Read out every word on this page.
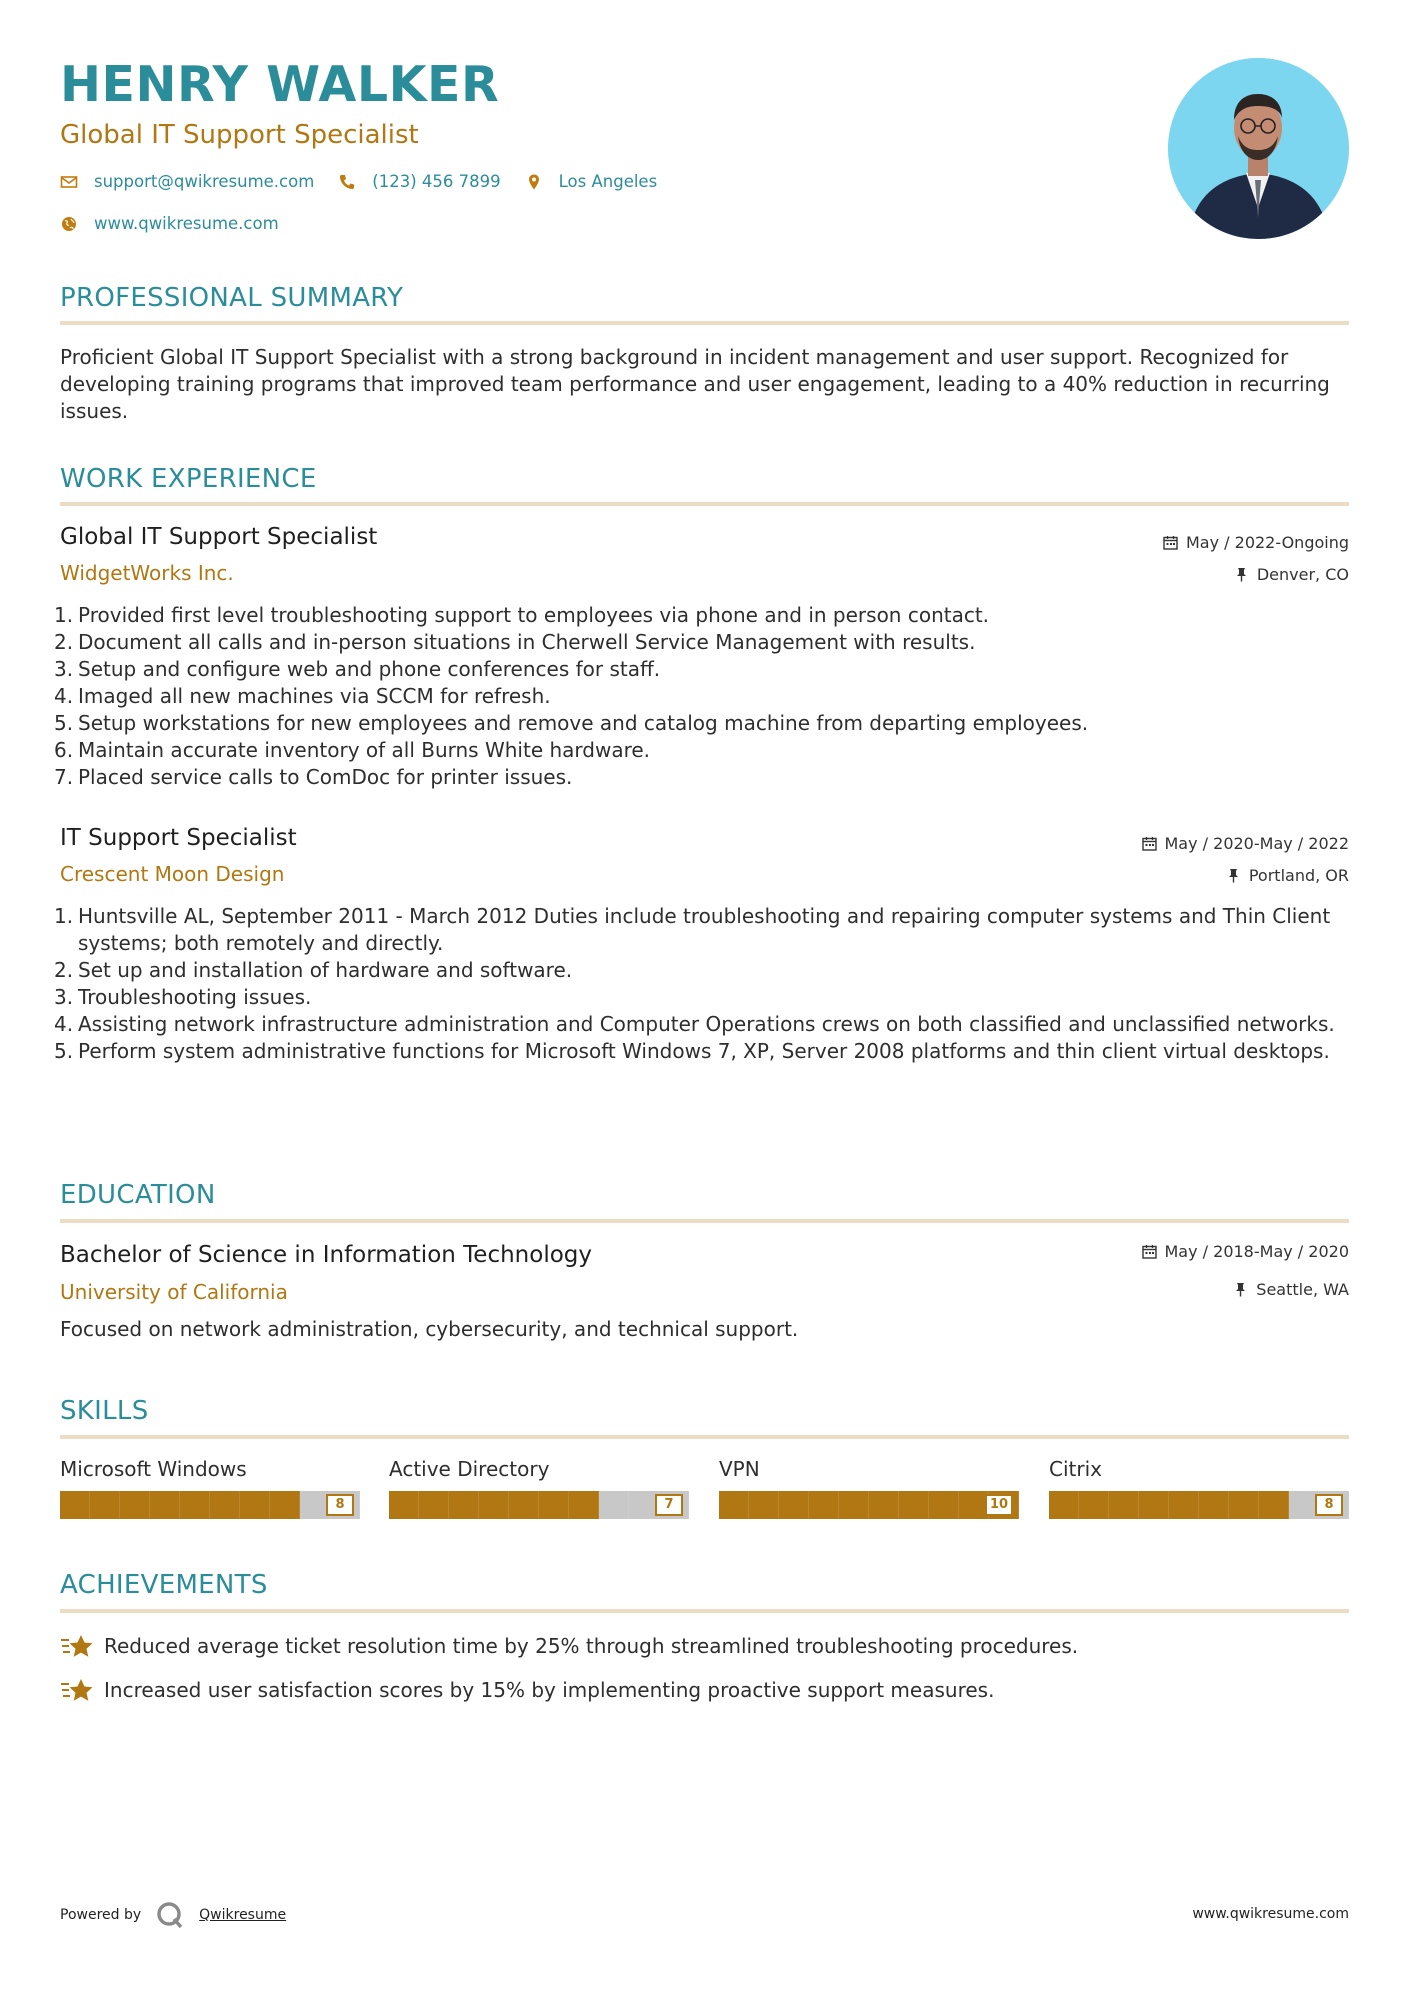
HENRY WALKER
Global IT Support Specialist
support@qwikresume.com	(123) 456 7899	Los Angeles
www.qwikresume.com
PROFESSIONAL SUMMARY
Proficient Global IT Support Specialist with a strong background in incident management and user support. Recognized for developing training programs that improved team performance and user engagement, leading to a 40% reduction in recurring issues.
WORK EXPERIENCE
Global IT Support Specialist	May / 2022-Ongoing
WidgetWorks Inc.	Denver, CO
Provided first level troubleshooting support to employees via phone and in person contact.
Document all calls and in-person situations in Cherwell Service Management with results.
Setup and configure web and phone conferences for staff.
Imaged all new machines via SCCM for refresh.
Setup workstations for new employees and remove and catalog machine from departing employees.
Maintain accurate inventory of all Burns White hardware.
Placed service calls to ComDoc for printer issues.
IT Support Specialist	May / 2020-May / 2022
Crescent Moon Design	Portland, OR
Huntsville AL, September 2011 - March 2012 Duties include troubleshooting and repairing computer systems and Thin Client systems; both remotely and directly.
Set up and installation of hardware and software.
Troubleshooting issues.
Assisting network infrastructure administration and Computer Operations crews on both classified and unclassified networks.
Perform system administrative functions for Microsoft Windows 7, XP, Server 2008 platforms and thin client virtual desktops.
EDUCATION
Bachelor of Science in Information Technology	May / 2018-May / 2020
University of California	Seattle, WA
Focused on network administration, cybersecurity, and technical support.
SKILLS
Microsoft Windows
8
Active Directory
7
VPN
10
Citrix
8
ACHIEVEMENTS
Reduced average ticket resolution time by 25% through streamlined troubleshooting procedures.
Increased user satisfaction scores by 15% by implementing proactive support measures.
Powered by	Qwikresume	www.qwikresume.com
